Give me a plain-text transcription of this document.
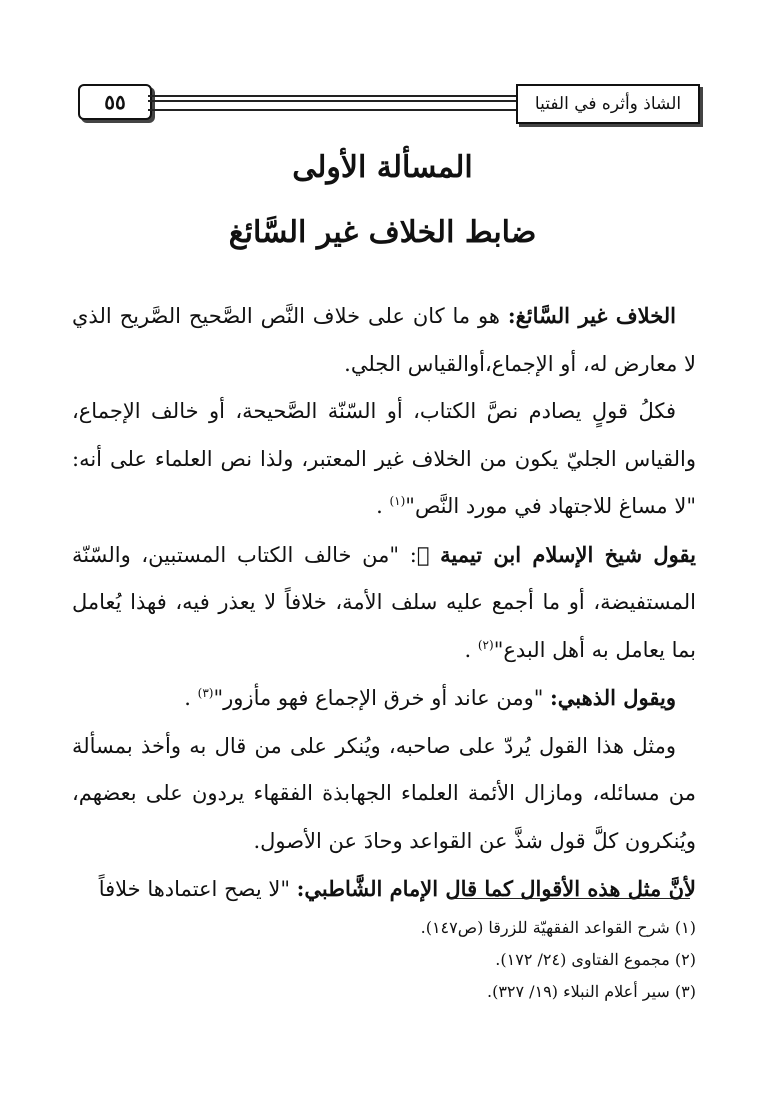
٥٥	الشاذ وأثره في الفتيا
المسألة الأولى
ضابط الخلاف غير السَّائغ

الخلاف غير السَّائغ: هو ما كان على خلاف النَّص الصَّحيح الصَّريح الذي لا معارض له، أو الإجماع،أوالقياس الجلي.

فكلُ قولٍ يصادم نصَّ الكتاب، أو السّنّة الصَّحيحة، أو خالف الإجماع، والقياس الجليّ يكون من الخلاف غير المعتبر، ولذا نص العلماء على أنه: "لا مساغ للاجتهاد في مورد النَّص"$^{(١)}$ .

يقول شيخ الإسلام ابن تيمية ﷬: "من خالف الكتاب المستبين، والسّنّة المستفيضة، أو ما أجمع عليه سلف الأمة، خلافاً لا يعذر فيه، فهذا يُعامل بما يعامل به أهل البدع"$^{(٢)}$ .

ويقول الذهبي: "ومن عاند أو خرق الإجماع فهو مأزور"$^{(٣)}$ .

ومثل هذا القول يُردّ على صاحبه، ويُنكر على من قال به وأخذ بمسألة من مسائله، ومازال الأئمة العلماء الجهابذة الفقهاء يردون على بعضهم، ويُنكرون كلَّ قول شذَّ عن القواعد وحادَ عن الأصول.

لأنَّ مثل هذه الأقوال كما قال الإمام الشَّاطبي: "لا يصح اعتمادها خلافاً

(١) شرح القواعد الفقهيّة للزرقا (ص١٤٧).
(٢) مجموع الفتاوى (٢٤/ ١٧٢).
(٣) سير أعلام النبلاء (١٩/ ٣٢٧).
